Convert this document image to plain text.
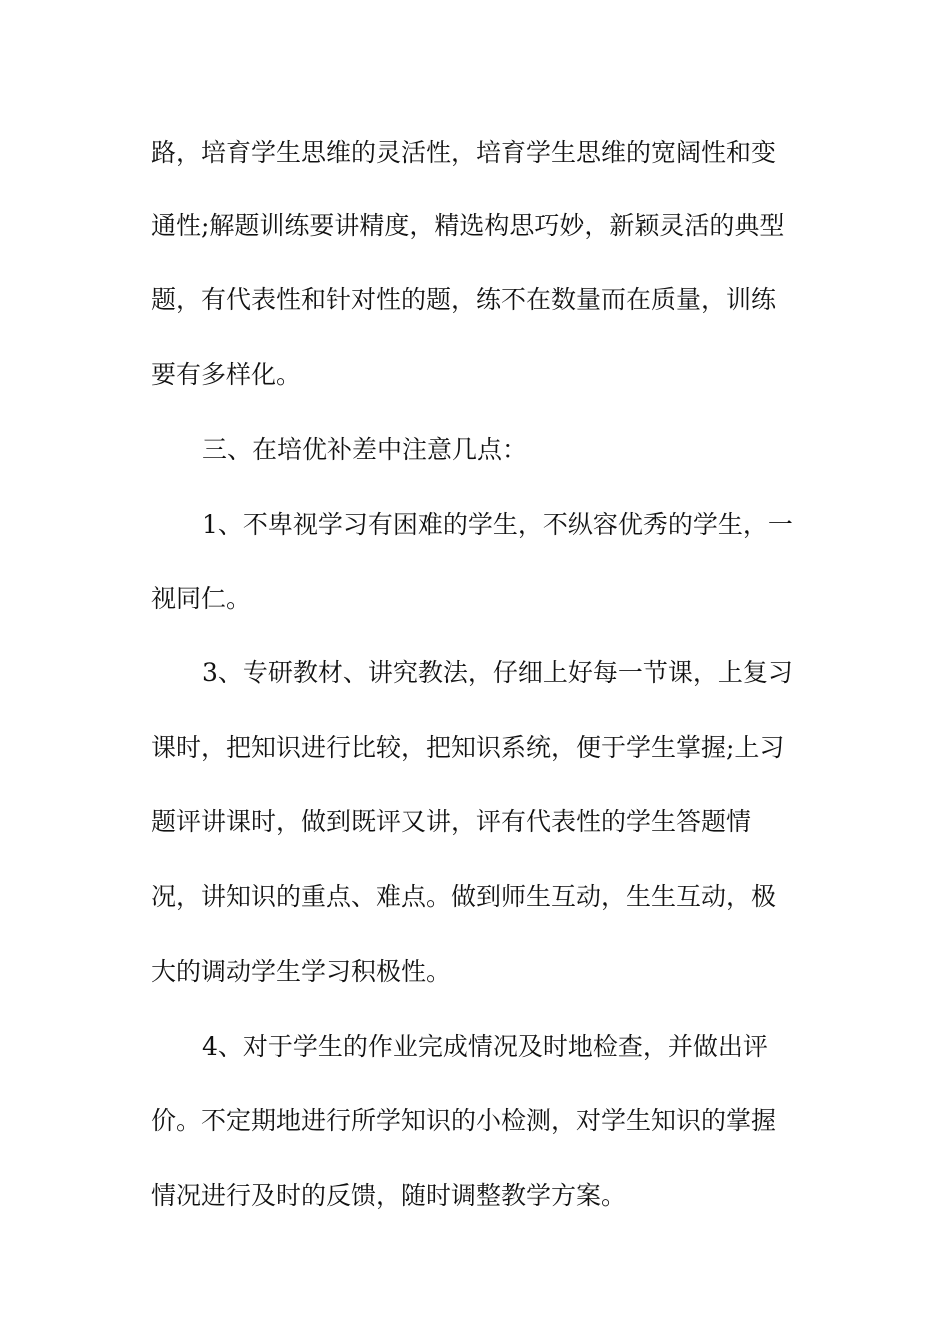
路，培育学生思维的灵活性，培育学生思维的宽阔性和变
通性;解题训练要讲精度，精选构思巧妙，新颖灵活的典型
题，有代表性和针对性的题，练不在数量而在质量，训练
要有多样化。
三、在培优补差中注意几点：
1、不卑视学习有困难的学生，不纵容优秀的学生，一
视同仁。
3、专研教材、讲究教法，仔细上好每一节课，上复习
课时，把知识进行比较，把知识系统，便于学生掌握;上习
题评讲课时，做到既评又讲，评有代表性的学生答题情
况，讲知识的重点、难点。做到师生互动，生生互动，极
大的调动学生学习积极性。
4、对于学生的作业完成情况及时地检查，并做出评
价。不定期地进行所学知识的小检测，对学生知识的掌握
情况进行及时的反馈，随时调整教学方案。
